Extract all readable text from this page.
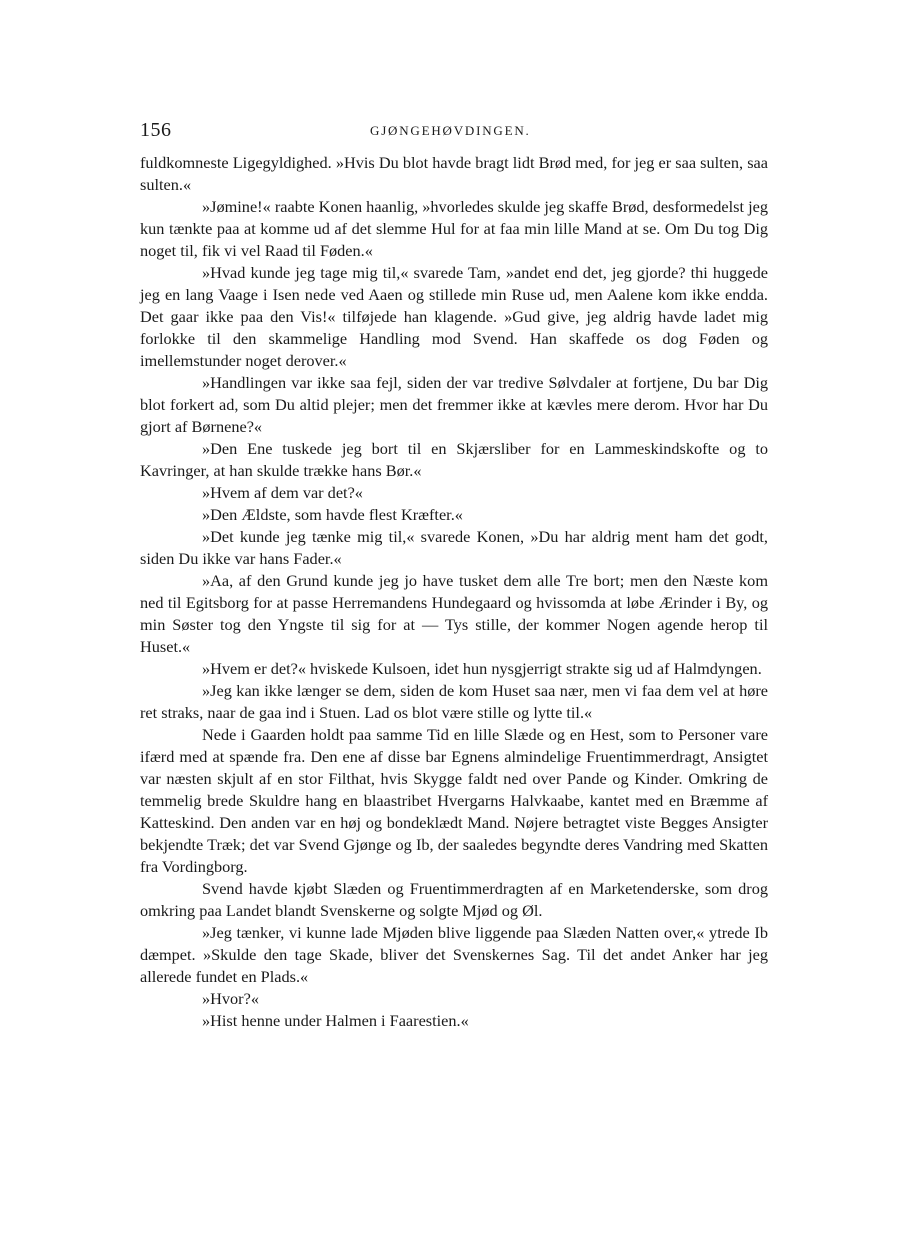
156	GJØNGEHØVDINGEN.

fuldkomneste Ligegyldighed. »Hvis Du blot havde bragt lidt Brød med, for jeg er saa sulten, saa sulten.«

»Jømine!« raabte Konen haanlig, »hvorledes skulde jeg skaffe Brød, desformedelst jeg kun tænkte paa at komme ud af det slemme Hul for at faa min lille Mand at se. Om Du tog Dig noget til, fik vi vel Raad til Føden.«

»Hvad kunde jeg tage mig til,« svarede Tam, »andet end det, jeg gjorde? thi huggede jeg en lang Vaage i Isen nede ved Aaen og stillede min Ruse ud, men Aalene kom ikke endda. Det gaar ikke paa den Vis!« tilføjede han klagende. »Gud give, jeg aldrig havde ladet mig forlokke til den skammelige Handling mod Svend. Han skaffede os dog Føden og imellemstunder noget derover.«

»Handlingen var ikke saa fejl, siden der var tredive Sølvdaler at fortjene, Du bar Dig blot forkert ad, som Du altid plejer; men det fremmer ikke at kævles mere derom. Hvor har Du gjort af Børnene?«

»Den Ene tuskede jeg bort til en Skjærsliber for en Lammeskindskofte og to Kavringer, at han skulde trække hans Bør.«

»Hvem af dem var det?«

»Den Ældste, som havde flest Kræfter.«

»Det kunde jeg tænke mig til,« svarede Konen, »Du har aldrig ment ham det godt, siden Du ikke var hans Fader.«

»Aa, af den Grund kunde jeg jo have tusket dem alle Tre bort; men den Næste kom ned til Egitsborg for at passe Herremandens Hundegaard og hvissomda at løbe Ærinder i By, og min Søster tog den Yngste til sig for at — Tys stille, der kommer Nogen agende herop til Huset.«

»Hvem er det?« hviskede Kulsoen, idet hun nysgjerrigt strakte sig ud af Halmdyngen.

»Jeg kan ikke længer se dem, siden de kom Huset saa nær, men vi faa dem vel at høre ret straks, naar de gaa ind i Stuen. Lad os blot være stille og lytte til.«

Nede i Gaarden holdt paa samme Tid en lille Slæde og en Hest, som to Personer vare ifærd med at spænde fra. Den ene af disse bar Egnens almindelige Fruentimmerdragt, Ansigtet var næsten skjult af en stor Filthat, hvis Skygge faldt ned over Pande og Kinder. Omkring de temmelig brede Skuldre hang en blaastribet Hvergarns Halvkaabe, kantet med en Bræmme af Katteskind. Den anden var en høj og bondeklædt Mand. Nøjere betragtet viste Begges Ansigter bekjendte Træk; det var Svend Gjønge og Ib, der saaledes begyndte deres Vandring med Skatten fra Vordingborg.

Svend havde kjøbt Slæden og Fruentimmerdragten af en Marketenderske, som drog omkring paa Landet blandt Svenskerne og solgte Mjød og Øl.

»Jeg tænker, vi kunne lade Mjøden blive liggende paa Slæden Natten over,« ytrede Ib dæmpet. »Skulde den tage Skade, bliver det Svenskernes Sag. Til det andet Anker har jeg allerede fundet en Plads.«

»Hvor?«

»Hist henne under Halmen i Faarestien.«
